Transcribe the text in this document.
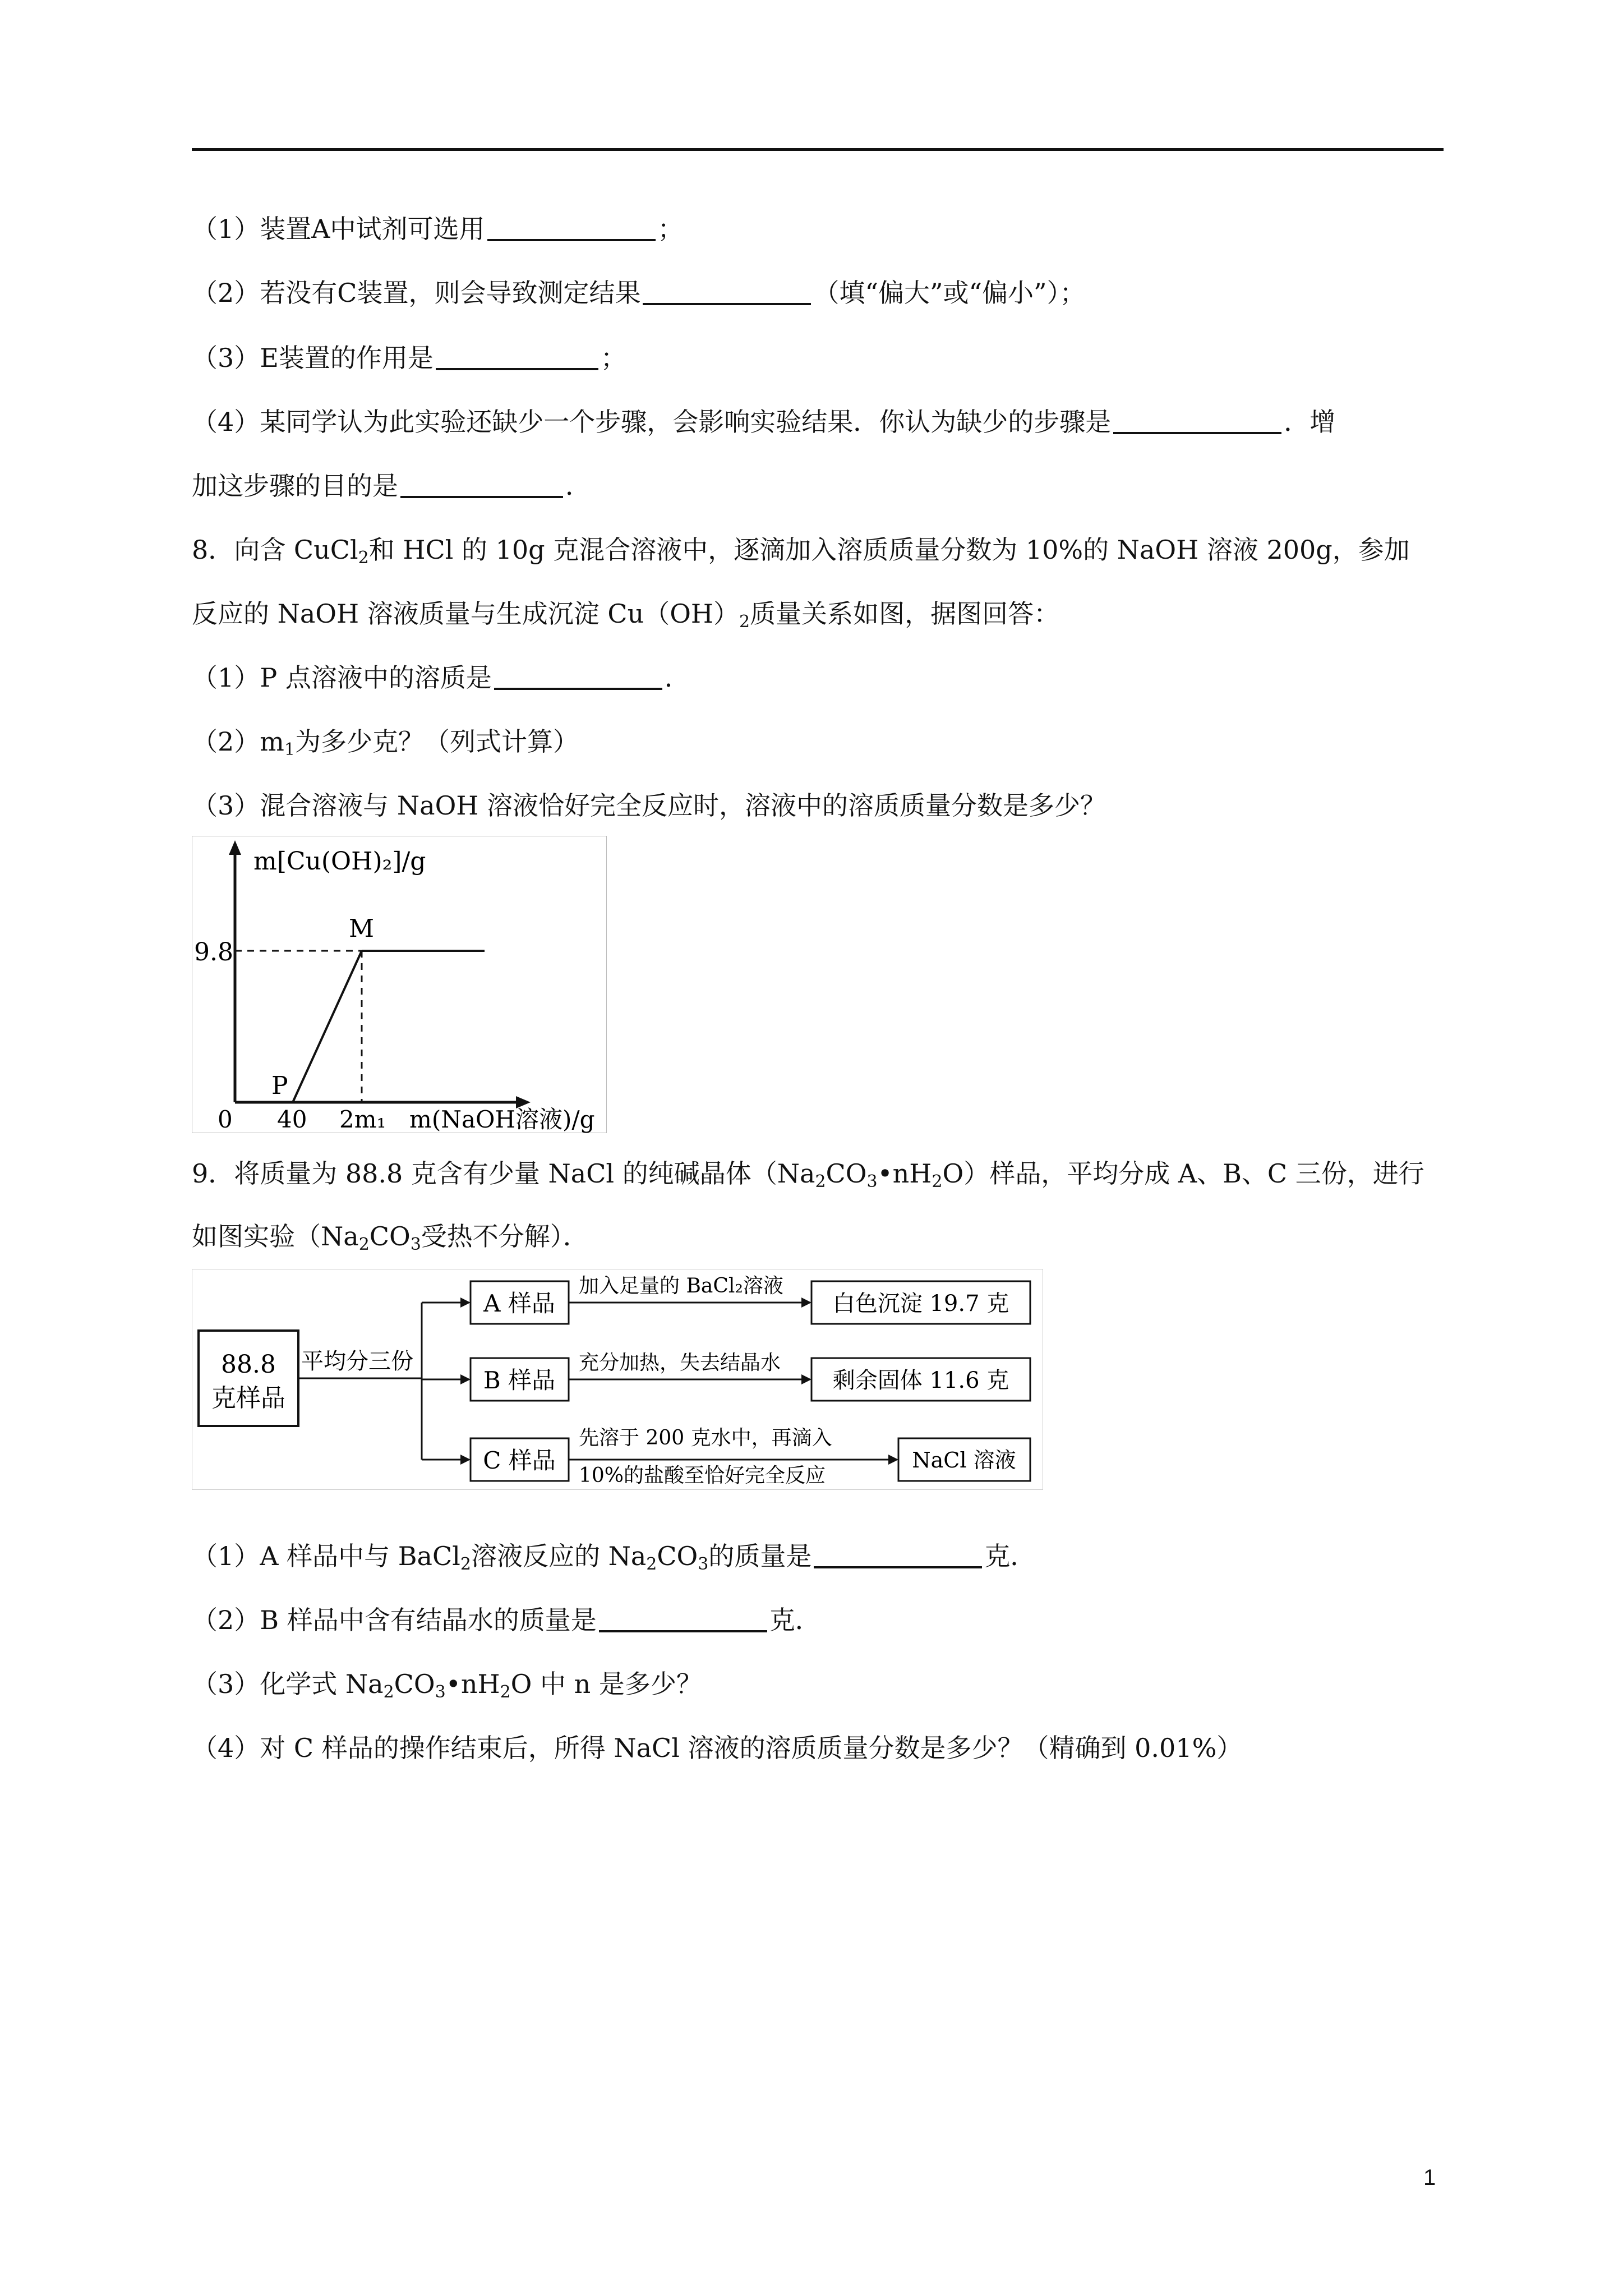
（1）装置A中试剂可选用	；
（2）若没有C装置，则会导致测定结果	（填“偏大”或“偏小”）；
（3）E装置的作用是	；
（4）某同学认为此实验还缺少一个步骤，会影响实验结果．你认为缺少的步骤是	．增
加这步骤的目的是	．
8．向含 CuCl$_2$和 HCl 的 10g 克混合溶液中，逐滴加入溶质质量分数为 10%的 NaOH 溶液 200g，参加
反应的 NaOH 溶液质量与生成沉淀 $Cu(OH)_2$质量关系如图，据图回答：
（1）P 点溶液中的溶质是	．
$(2)m_1$为多少克？（列式计算）
（3）混合溶液与 NaOH 溶液恰好完全反应时，溶液中的溶质质量分数是多少？
m[Cu(OH)₂]/g
9.8
M
P
0 40 2m₁ m(NaOH溶液)/g
9．将质量为 88.8 克含有少量 NaCl 的纯碱晶体$(Na_2CO_3•nH_2O)$样品，平均分成 A、B、C 三份，进行
如图实验（$Na_2CO_3$受热不分解）．
88.8
克样品
平均分三份
A 样品
B 样品
C 样品
加入足量的 BaCl₂溶液
充分加热，失去结晶水
先溶于 200 克水中，再滴入
10%的盐酸至恰好完全反应
白色沉淀 19.7 克
剩余固体 11.6 克
NaCl 溶液
（1）A 样品中与 BaCl$_2$溶液反应的 $Na_2CO_3$的质量是	克．
（2）B 样品中含有结晶水的质量是	克．
（3）化学式 $Na_2CO_3•nH_2O$ 中 n 是多少？
（4）对 C 样品的操作结束后，所得 NaCl 溶液的溶质质量分数是多少？（精确到 0.01%）
1
